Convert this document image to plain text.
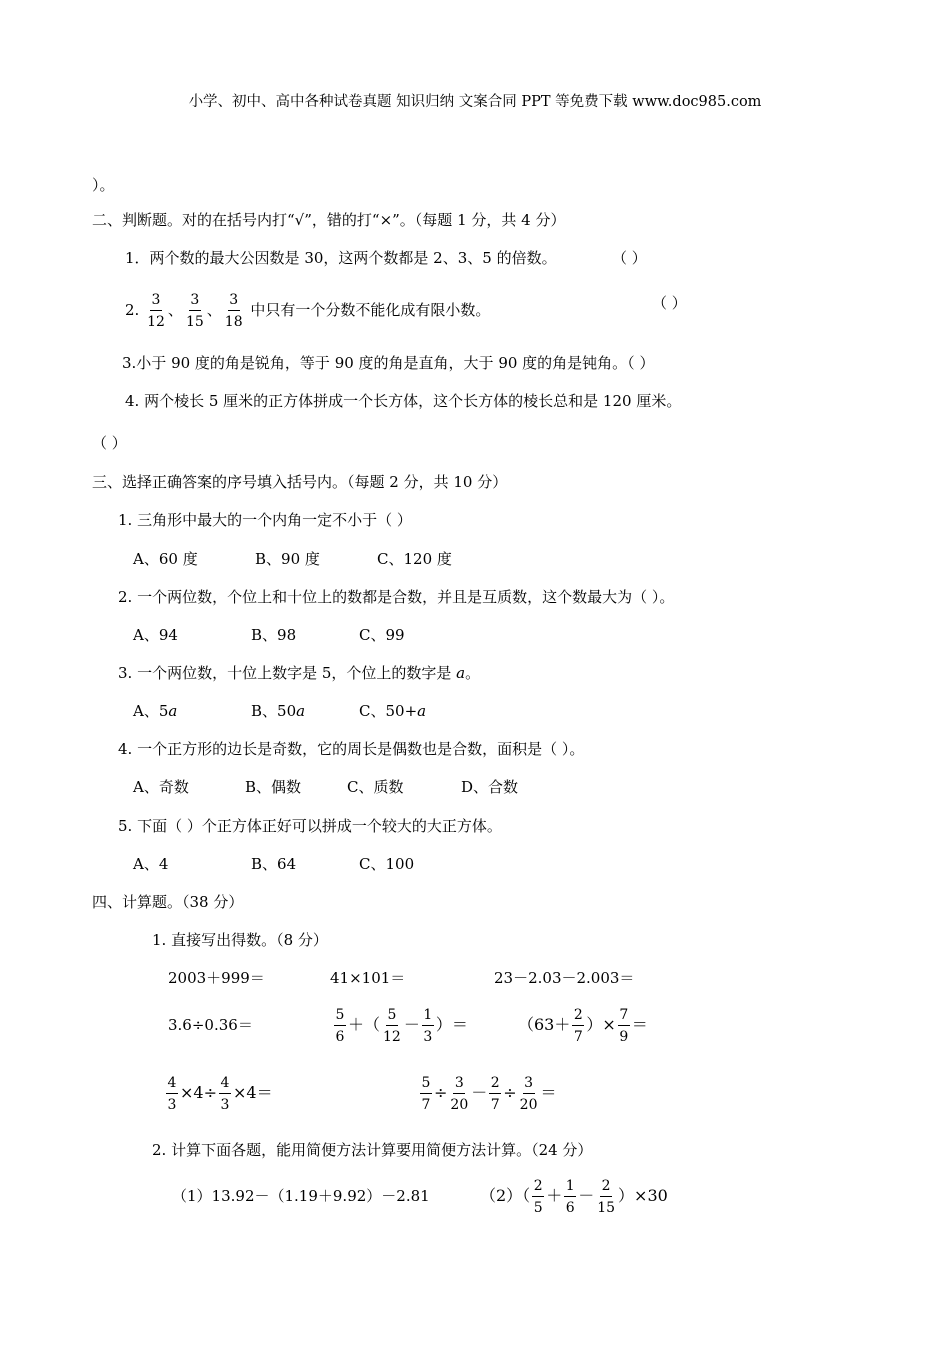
小学、初中、高中各种试卷真题 知识归纳 文案合同 PPT 等免费下载 www.doc985.com
）。
二、判断题。对的在括号内打“√”，错的打“×”。（每题 1 分，共 4 分）
1．两个数的最大公因数是 30，这两个数都是 2、3、5 的倍数。	（ ）
2. $\frac{3}{12}$ 、 $\frac{3}{15}$ 、 $\frac{3}{18}$ 中只有一个分数不能化成有限小数。	（ ）
3.小于 90 度的角是锐角，等于 90 度的角是直角，大于 90 度的角是钝角。（ ）
4. 两个棱长 5 厘米的正方体拼成一个长方体，这个长方体的棱长总和是 120 厘米。
（ ）
三、选择正确答案的序号填入括号内。（每题 2 分，共 10 分）
1. 三角形中最大的一个内角一定不小于（ ）
A、60 度	B、90 度	C、120 度
2. 一个两位数，个位上和十位上的数都是合数，并且是互质数，这个数最大为（ ）。
A、94	B、98	C、99
3. 一个两位数，十位上数字是 5，个位上的数字是 a。
A、5a	B、50a	C、50+a
4. 一个正方形的边长是奇数，它的周长是偶数也是合数，面积是（ ）。
A、奇数	B、偶数	C、质数	D、合数
5. 下面（ ）个正方体正好可以拼成一个较大的大正方体。
A、4	B、64	C、100
四、计算题。（38 分）
1. 直接写出得数。（8 分）
2003＋999＝	41×101＝	23－2.03－2.003＝
3.6÷0.36＝	$\frac{5}{6}$ ＋（ $\frac{5}{12} - \frac{1}{3}$ ）＝	（$63+ \frac{2}{7}$ ）× $\frac{7}{9}$ ＝
$\frac{4}{3} \times 4\div \frac{4}{3} \times 4=$	$\frac{5}{7} \div \frac{3}{20} - \frac{2}{7} \div \frac{3}{20}$ ＝
2. 计算下面各题，能用简便方法计算要用简便方法计算。（24 分）
（1）13.92－（1.19＋9.92）－2.81	$(2)( \frac{2}{5} + \frac{1}{6} - \frac{2}{15} )\times 30$
